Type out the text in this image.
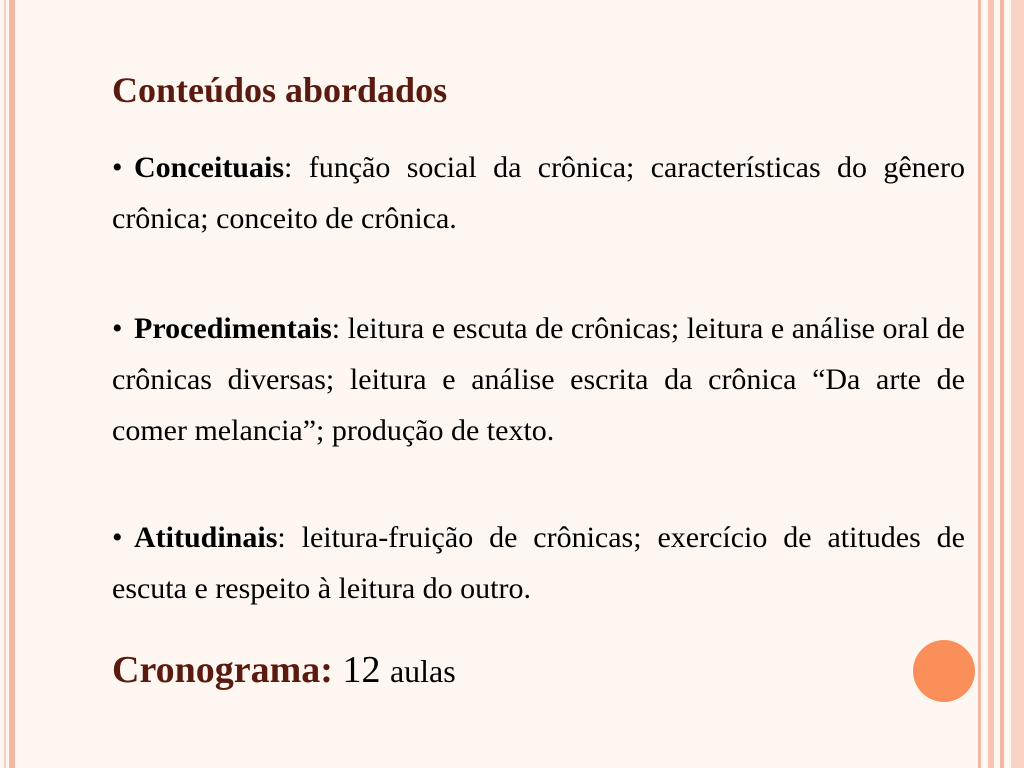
Conteúdos abordados

• Conceituais: função social da crônica; características do gênero crônica; conceito de crônica.

• Procedimentais: leitura e escuta de crônicas; leitura e análise oral de crônicas diversas; leitura e análise escrita da crônica “Da arte de comer melancia”; produção de texto.

• Atitudinais: leitura-fruição de crônicas; exercício de atitudes de escuta e respeito à leitura do outro.

Cronograma: 12 aulas
